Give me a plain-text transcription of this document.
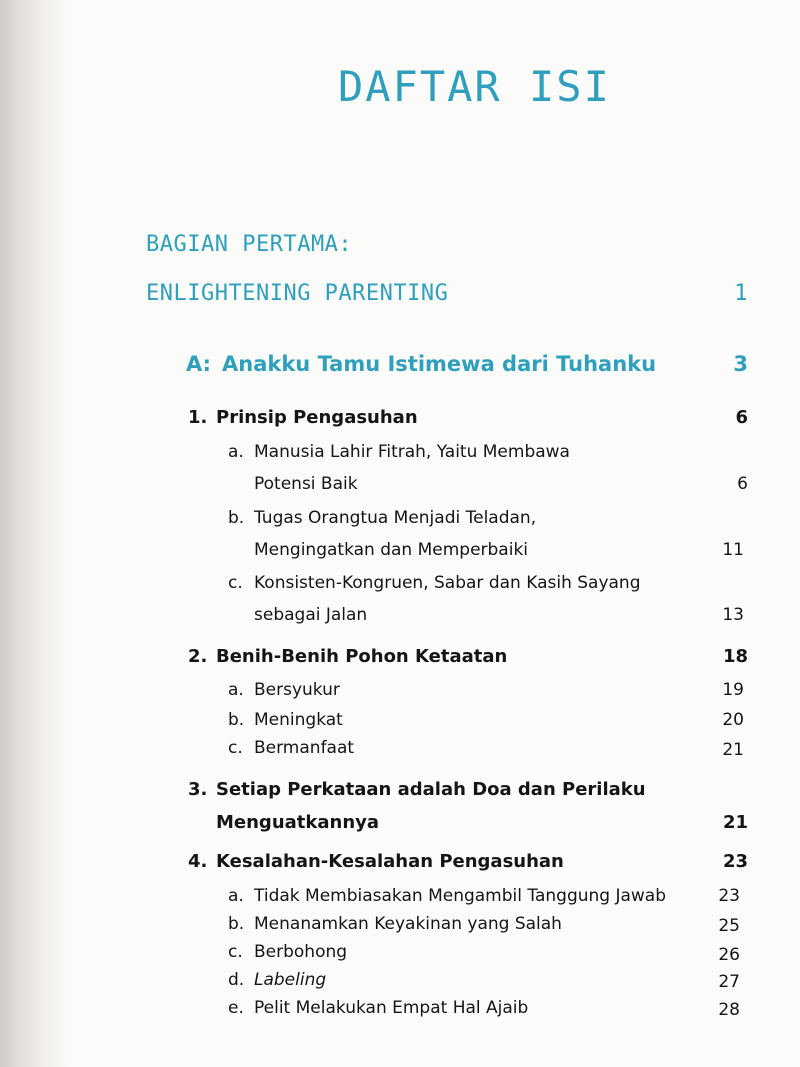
DAFTAR ISI
BAGIAN PERTAMA:
ENLIGHTENING PARENTING	1
A: Anakku Tamu Istimewa dari Tuhanku	3
1. Prinsip Pengasuhan	6
a. Manusia Lahir Fitrah, Yaitu Membawa
Potensi Baik	6
b. Tugas Orangtua Menjadi Teladan,
Mengingatkan dan Memperbaiki	11
c. Konsisten-Kongruen, Sabar dan Kasih Sayang
sebagai Jalan	13
2. Benih-Benih Pohon Ketaatan	18
a. Bersyukur	19
b. Meningkat	20
c. Bermanfaat	21
3. Setiap Perkataan adalah Doa dan Perilaku
Menguatkannya	21
4. Kesalahan-Kesalahan Pengasuhan	23
a. Tidak Membiasakan Mengambil Tanggung Jawab	23
b. Menanamkan Keyakinan yang Salah	25
c. Berbohong	26
d. Labeling	27
e. Pelit Melakukan Empat Hal Ajaib	28
